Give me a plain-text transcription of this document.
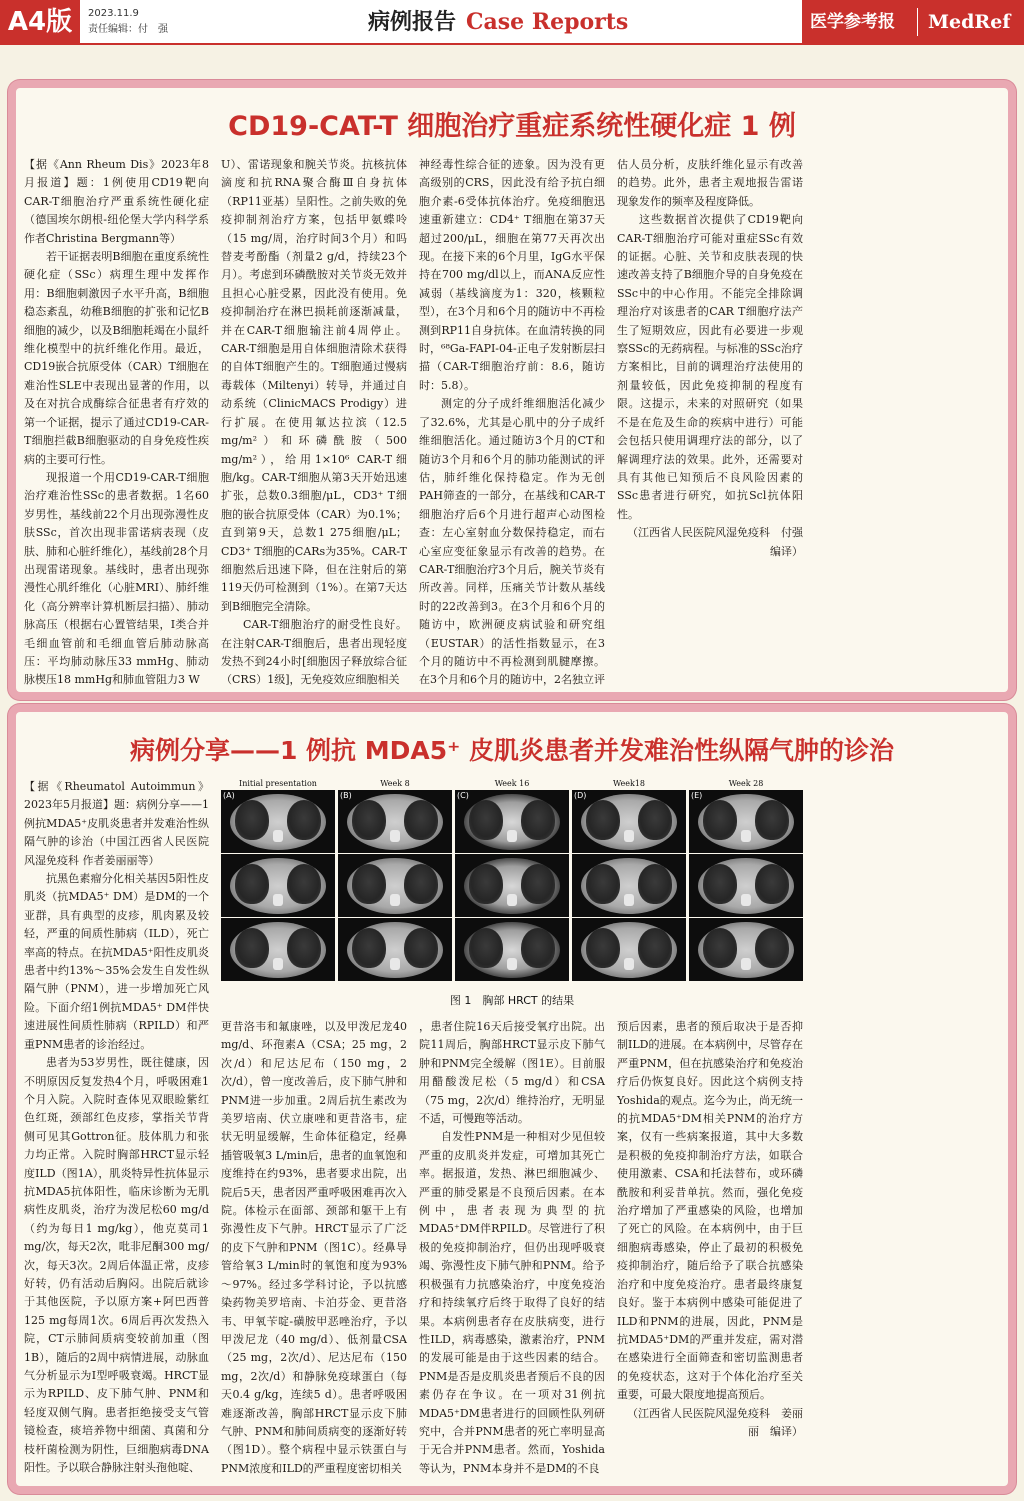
A4版	2023.11.9
责任编辑：付　强	病例报告 Case Reports	医学参考报 MedRef
CD19-CAT-T 细胞治疗重症系统性硬化症 1 例

【据《Ann Rheum Dis》2023年8月报道】题：1例使用CD19靶向CAR-T细胞治疗严重系统性硬化症（德国埃尔朗根-纽伦堡大学内科学系 作者Christina Bergmann等）

若干证据表明B细胞在重度系统性硬化症（SSc）病理生理中发挥作用：B细胞刺激因子水平升高，B细胞稳态紊乱，幼稚B细胞的扩张和记忆B细胞的减少，以及B细胞耗竭在小鼠纤维化模型中的抗纤维化作用。最近，CD19嵌合抗原受体（CAR）T细胞在难治性SLE中表现出显著的作用，以及在对抗合成酶综合征患者有疗效的第一个证据，提示了通过CD19-CAR-T细胞拦截B细胞驱动的自身免疫性疾病的主要可行性。

现报道一个用CD19-CAR-T细胞治疗难治性SSc的患者数据。1名60岁男性，基线前22个月出现弥漫性皮肤SSc，首次出现非雷诺病表现（皮肤、肺和心脏纤维化），基线前28个月出现雷诺现象。基线时，患者出现弥漫性心肌纤维化（心脏MRI）、肺纤维化（高分辨率计算机断层扫描）、肺动脉高压（根据右心置管结果，Ⅰ类合并毛细血管前和毛细血管后肺动脉高压：平均肺动脉压33 mmHg、肺动脉楔压18 mmHg和肺血管阻力3 W

U）、雷诺现象和腕关节炎。抗核抗体滴度和抗RNA聚合酶Ⅲ自身抗体（RP11亚基）呈阳性。之前失败的免疫抑制剂治疗方案，包括甲氨蝶呤（15 mg/周，治疗时间3个月）和吗替麦考酚酯（剂量2 g/d，持续23个月）。考虑到环磷酰胺对关节炎无效并且担心心脏受累，因此没有使用。免疫抑制治疗在淋巴损耗前逐渐减量，并在CAR-T细胞输注前4周停止。CAR-T细胞是用自体细胞清除术获得的自体T细胞产生的。T细胞通过慢病毒载体（Miltenyi）转导，并通过自动系统（ClinicMACS Prodigy）进行扩展。在使用氟达拉滨（12.5 mg/m²）和环磷酰胺（500 mg/m²），给用1×10⁶ CAR-T细胞/kg。CAR-T细胞从第3天开始迅速扩张，总数0.3细胞/μL，CD3⁺ T细胞的嵌合抗原受体（CAR）为0.1%；直到第9天，总数1 275细胞/μL；CD3⁺ T细胞的CARs为35%。CAR-T细胞然后迅速下降，但在注射后的第119天仍可检测到（1%）。在第7天达到B细胞完全清除。

CAR-T细胞治疗的耐受性良好。在注射CAR-T细胞后，患者出现轻度发热不到24小时[细胞因子释放综合征（CRS）1级]，无免疫效应细胞相关

神经毒性综合征的迹象。因为没有更高级别的CRS，因此没有给予抗白细胞介素-6受体抗体治疗。免疫细胞迅速重新建立：CD4⁺ T细胞在第37天超过200/μL，细胞在第77天再次出现。在接下来的6个月里，IgG水平保持在700 mg/dl以上，而ANA反应性减弱（基线滴度为1：320，核颗粒型），在3个月和6个月的随访中不再检测到RP11自身抗体。在血清转换的同时，⁶⁸Ga-FAPI-04-正电子发射断层扫描（CAR-T细胞治疗前：8.6，随访时：5.8）。

测定的分子成纤维细胞活化减少了32.6%，尤其是心肌中的分子成纤维细胞活化。通过随访3个月的CT和随访3个月和6个月的肺功能测试的评估，肺纤维化保持稳定。作为无创PAH筛查的一部分，在基线和CAR-T细胞治疗后6个月进行超声心动图检查：左心室射血分数保持稳定，而右心室应变征象显示有改善的趋势。在CAR-T细胞治疗3个月后，腕关节炎有所改善。同样，压痛关节计数从基线时的22改善到3。在3个月和6个月的随访中，欧洲硬皮病试验和研究组（EUSTAR）的活性指数显示，在3个月的随访中不再检测到肌腱摩擦。在3个月和6个月的随访中，2名独立评

估人员分析，皮肤纤维化显示有改善的趋势。此外，患者主观地报告雷诺现象发作的频率及程度降低。

这些数据首次提供了CD19靶向CAR-T细胞治疗可能对重症SSc有效的证据。心脏、关节和皮肤表现的快速改善支持了B细胞介导的自身免疫在SSc中的中心作用。不能完全排除调理治疗对该患者的CAR T细胞疗法产生了短期效应，因此有必要进一步观察SSc的无药病程。与标准的SSc治疗方案相比，目前的调理治疗法使用的剂量较低，因此免疫抑制的程度有限。这提示，未来的对照研究（如果不是在危及生命的疾病中进行）可能会包括只使用调理疗法的部分，以了解调理疗法的效果。此外，还需要对具有其他已知预后不良风险因素的SSc患者进行研究，如抗Scl抗体阳性。

（江西省人民医院风湿免疫科　付强　编译）

病例分享——1 例抗 MDA5⁺ 皮肌炎患者并发难治性纵隔气肿的诊治
Initial presentation
(A)
Week 8
(B)
Week 16
(C)
Week18
(D)
Week 28
(E)
图 1　胸部 HRCT 的结果

【据《Rheumatol Autoimmun》2023年5月报道】题：病例分享——1例抗MDA5⁺皮肌炎患者并发难治性纵隔气肿的诊治（中国江西省人民医院风湿免疫科 作者姜丽丽等）

抗黑色素瘤分化相关基因5阳性皮肌炎（抗MDA5⁺ DM）是DM的一个亚群，具有典型的皮疹，肌肉累及较轻，严重的间质性肺病（ILD），死亡率高的特点。在抗MDA5⁺阳性皮肌炎患者中约13%～35%会发生自发性纵隔气肿（PNM），进一步增加死亡风险。下面介绍1例抗MDA5⁺ DM伴快速进展性间质性肺病（RPILD）和严重PNM患者的诊治经过。

患者为53岁男性，既往健康，因不明原因反复发热4个月，呼吸困难1个月入院。入院时查体见双眼睑紫红色红斑，颈部红色皮疹，掌指关节背侧可见其Gottron征。肢体肌力和张力均正常。入院时胸部HRCT显示轻度ILD（图1A），肌炎特异性抗体显示抗MDA5抗体阳性，临床诊断为无肌病性皮肌炎，治疗为泼尼松60 mg/d（约为每日1 mg/kg），他克莫司1 mg/次，每天2次，吡非尼酮300 mg/次，每天3次。2周后体温正常，皮疹好转，仍有活动后胸闷。出院后就诊于其他医院，予以原方案+阿巴西普125 mg每周1次。6周后再次发热入院，CT示肺间质病变较前加重（图1B），随后的2周中病情进展，动脉血气分析显示为Ⅰ型呼吸衰竭。HRCT显示为RPILD、皮下肺气肿、PNM和轻度双侧气胸。患者拒绝接受支气管镜检查，痰培养物中细菌、真菌和分枝杆菌检测为阴性，巨细胞病毒DNA阳性。予以联合静脉注射头孢他啶、

更昔洛韦和氟康唑，以及甲泼尼龙40 mg/d、环孢素A（CSA；25 mg，2次/d）和尼达尼布（150 mg，2次/d），曾一度改善后，皮下肺气肿和PNM进一步加重。2周后抗生素改为美罗培南、伏立康唑和更昔洛韦，症状无明显缓解，生命体征稳定，经鼻插管吸氧3 L/min后，患者的血氧饱和度维持在约93%，患者要求出院，出院后5天，患者因严重呼吸困难再次入院。体检示在面部、颈部和躯干上有弥漫性皮下气肿。HRCT显示了广泛的皮下气肿和PNM（图1C）。经鼻导管给氧3 L/min时的氧饱和度为93%～97%。经过多学科讨论，予以抗感染药物美罗培南、卡泊芬金、更昔洛韦、甲氧苄啶-磺胺甲恶唑治疗，予以甲泼尼龙（40 mg/d）、低剂量CSA（25 mg，2次/d）、尼达尼布（150 mg，2次/d）和静脉免疫球蛋白（每天0.4 g/kg，连续5 d）。患者呼吸困难逐渐改善，胸部HRCT显示皮下肺气肿、PNM和肺间质病变的逐渐好转（图1D）。整个病程中显示铁蛋白与PNM浓度和ILD的严重程度密切相关

，患者住院16天后接受氧疗出院。出院11周后，胸部HRCT显示皮下肺气肿和PNM完全缓解（图1E）。目前服用醋酸泼尼松（5 mg/d）和CSA（75 mg，2次/d）维持治疗，无明显不适，可慢跑等活动。

自发性PNM是一种相对少见但较严重的皮肌炎并发症，可增加其死亡率。据报道，发热、淋巴细胞减少、严重的肺受累是不良预后因素。在本例中，患者表现为典型的抗MDA5⁺DM伴RPILD。尽管进行了积极的免疫抑制治疗，但仍出现呼吸衰竭、弥漫性皮下肺气肿和PNM。给予积极强有力抗感染治疗，中度免疫治疗和持续氧疗后终于取得了良好的结果。本病例患者存在皮肤病变，进行性ILD，病毒感染，激素治疗，PNM的发展可能是由于这些因素的结合。PNM是否是皮肌炎患者预后不良的因素仍存在争议。在一项对31例抗MDA5⁺DM患者进行的回顾性队列研究中，合并PNM患者的死亡率明显高于无合并PNM患者。然而，Yoshida等认为，PNM本身并不是DM的不良

预后因素，患者的预后取决于是否抑制ILD的进展。在本病例中，尽管存在严重PNM，但在抗感染治疗和免疫治疗后仍恢复良好。因此这个病例支持Yoshida的观点。迄今为止，尚无统一的抗MDA5⁺DM相关PNM的治疗方案，仅有一些病案报道，其中大多数是积极的免疫抑制治疗方法，如联合使用激素、CSA和托法替布，或环磷酰胺和利妥昔单抗。然而，强化免疫治疗增加了严重感染的风险，也增加了死亡的风险。在本病例中，由于巨细胞病毒感染，停止了最初的积极免疫抑制治疗，随后给予了联合抗感染治疗和中度免疫治疗。患者最终康复良好。鉴于本病例中感染可能促进了ILD和PNM的进展，因此，PNM是抗MDA5⁺DM的严重并发症，需对潜在感染进行全面筛查和密切监测患者的免疫状态，这对于个体化治疗至关重要，可最大限度地提高预后。

（江西省人民医院风湿免疫科　姜丽丽　编译）
